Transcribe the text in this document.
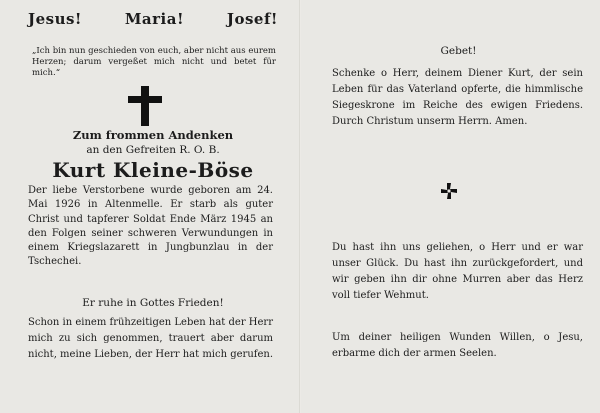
Jesus!	Maria!	Josef!
„Ich bin nun geschieden von euch, aber nicht aus eurem Herzen; darum vergeßet mich nicht und betet für mich.“
Zum frommen Andenken
an den Gefreiten R. O. B.
Kurt Kleine-Böse
Der liebe Verstorbene wurde geboren am 24. Mai 1926 in Altenmelle. Er starb als guter Christ und tapferer Soldat Ende März 1945 an den Folgen seiner schweren Verwundungen in einem Kriegslazarett in Jungbunzlau in der Tschechei.
Er ruhe in Gottes Frieden!
Schon in einem frühzeitigen Leben hat der Herr mich zu sich genommen, trauert aber darum nicht, meine Lieben, der Herr hat mich gerufen.
Gebet!
Schenke o Herr, deinem Diener Kurt, der sein Leben für das Vaterland opferte, die himmlische Siegeskrone im Reiche des ewigen Friedens. Durch Christum unserm Herrn. Amen.
Du hast ihn uns geliehen, o Herr und er war unser Glück. Du hast ihn zurückgefordert, und wir geben ihn dir ohne Murren aber das Herz voll tiefer Wehmut.
Um deiner heiligen Wunden Willen, o Jesu, erbarme dich der armen Seelen.
